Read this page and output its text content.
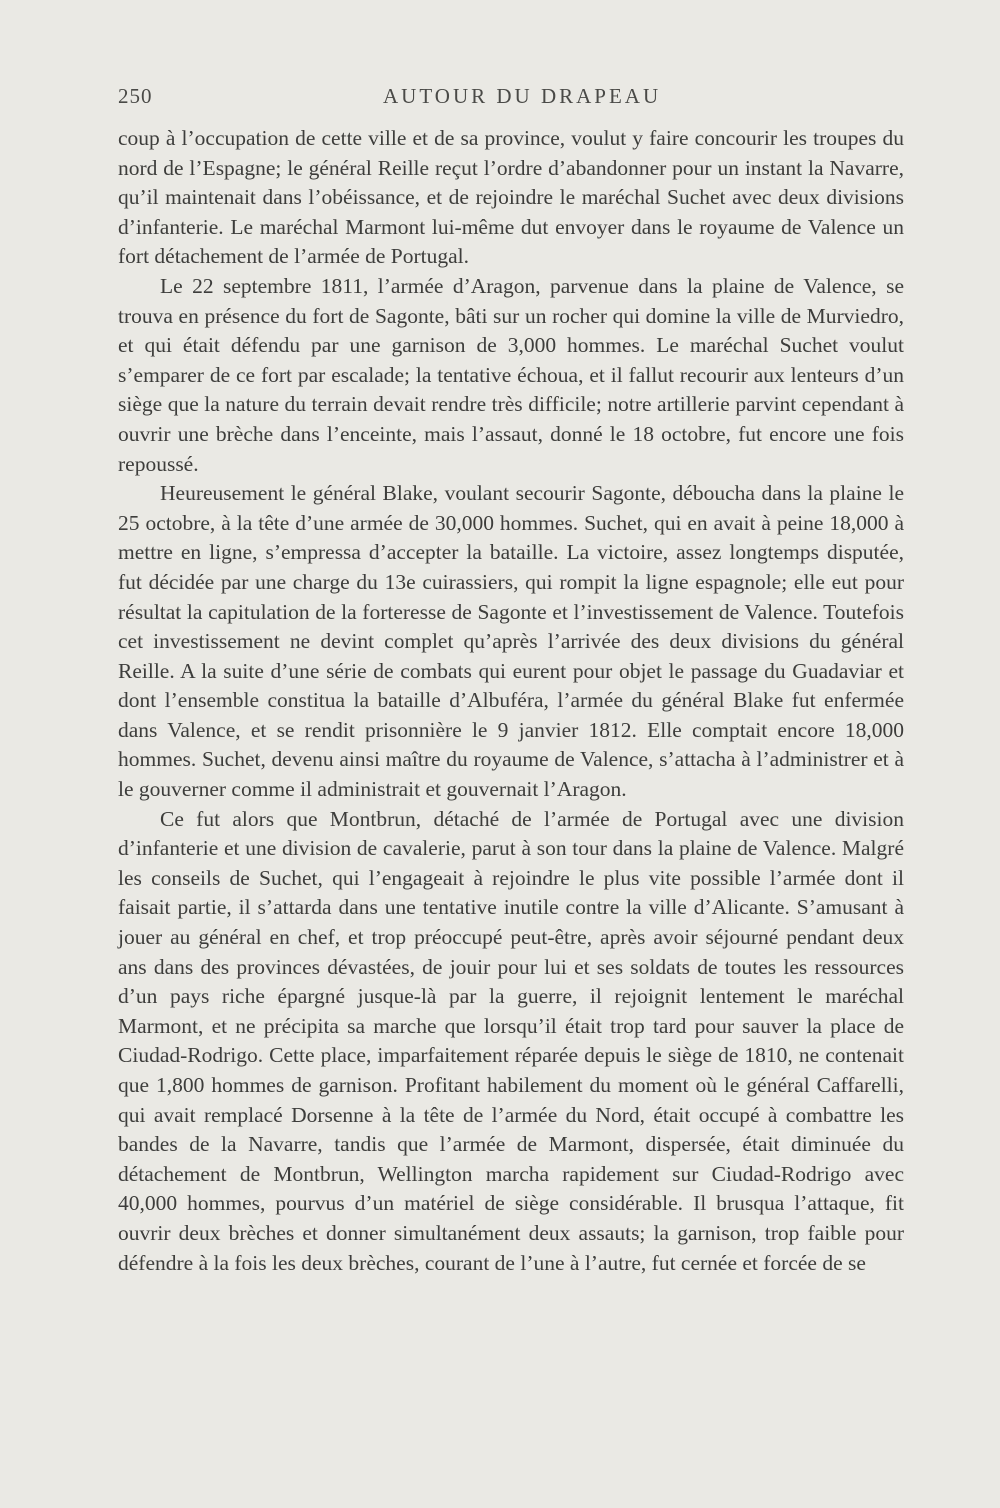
250	AUTOUR DU DRAPEAU

coup à l’occupation de cette ville et de sa province, voulut y faire concourir les troupes du nord de l’Espagne; le général Reille reçut l’ordre d’abandonner pour un instant la Navarre, qu’il maintenait dans l’obéissance, et de rejoindre le maréchal Suchet avec deux divisions d’infanterie. Le maréchal Marmont lui-même dut envoyer dans le royaume de Valence un fort détachement de l’armée de Portugal.

Le 22 septembre 1811, l’armée d’Aragon, parvenue dans la plaine de Valence, se trouva en présence du fort de Sagonte, bâti sur un rocher qui domine la ville de Murviedro, et qui était défendu par une garnison de 3,000 hommes. Le maréchal Suchet voulut s’emparer de ce fort par escalade; la tentative échoua, et il fallut recourir aux lenteurs d’un siège que la nature du terrain devait rendre très difficile; notre artillerie parvint cependant à ouvrir une brèche dans l’enceinte, mais l’assaut, donné le 18 octobre, fut encore une fois repoussé.

Heureusement le général Blake, voulant secourir Sagonte, déboucha dans la plaine le 25 octobre, à la tête d’une armée de 30,000 hommes. Suchet, qui en avait à peine 18,000 à mettre en ligne, s’empressa d’accepter la bataille. La victoire, assez longtemps disputée, fut décidée par une charge du 13e cuirassiers, qui rompit la ligne espagnole; elle eut pour résultat la capitulation de la forteresse de Sagonte et l’investissement de Valence. Toutefois cet investissement ne devint complet qu’après l’arrivée des deux divisions du général Reille. A la suite d’une série de combats qui eurent pour objet le passage du Guadaviar et dont l’ensemble constitua la bataille d’Albuféra, l’armée du général Blake fut enfermée dans Valence, et se rendit prisonnière le 9 janvier 1812. Elle comptait encore 18,000 hommes. Suchet, devenu ainsi maître du royaume de Valence, s’attacha à l’administrer et à le gouverner comme il administrait et gouvernait l’Aragon.

Ce fut alors que Montbrun, détaché de l’armée de Portugal avec une division d’infanterie et une division de cavalerie, parut à son tour dans la plaine de Valence. Malgré les conseils de Suchet, qui l’engageait à rejoindre le plus vite possible l’armée dont il faisait partie, il s’attarda dans une tentative inutile contre la ville d’Alicante. S’amusant à jouer au général en chef, et trop préoccupé peut-être, après avoir séjourné pendant deux ans dans des provinces dévastées, de jouir pour lui et ses soldats de toutes les ressources d’un pays riche épargné jusque-là par la guerre, il rejoignit lentement le maréchal Marmont, et ne précipita sa marche que lorsqu’il était trop tard pour sauver la place de Ciudad-Rodrigo. Cette place, imparfaitement réparée depuis le siège de 1810, ne contenait que 1,800 hommes de garnison. Profitant habilement du moment où le général Caffarelli, qui avait remplacé Dorsenne à la tête de l’armée du Nord, était occupé à combattre les bandes de la Navarre, tandis que l’armée de Marmont, dispersée, était diminuée du détachement de Montbrun, Wellington marcha rapidement sur Ciudad-Rodrigo avec 40,000 hommes, pourvus d’un matériel de siège considérable. Il brusqua l’attaque, fit ouvrir deux brèches et donner simultanément deux assauts; la garnison, trop faible pour défendre à la fois les deux brèches, courant de l’une à l’autre, fut cernée et forcée de se
